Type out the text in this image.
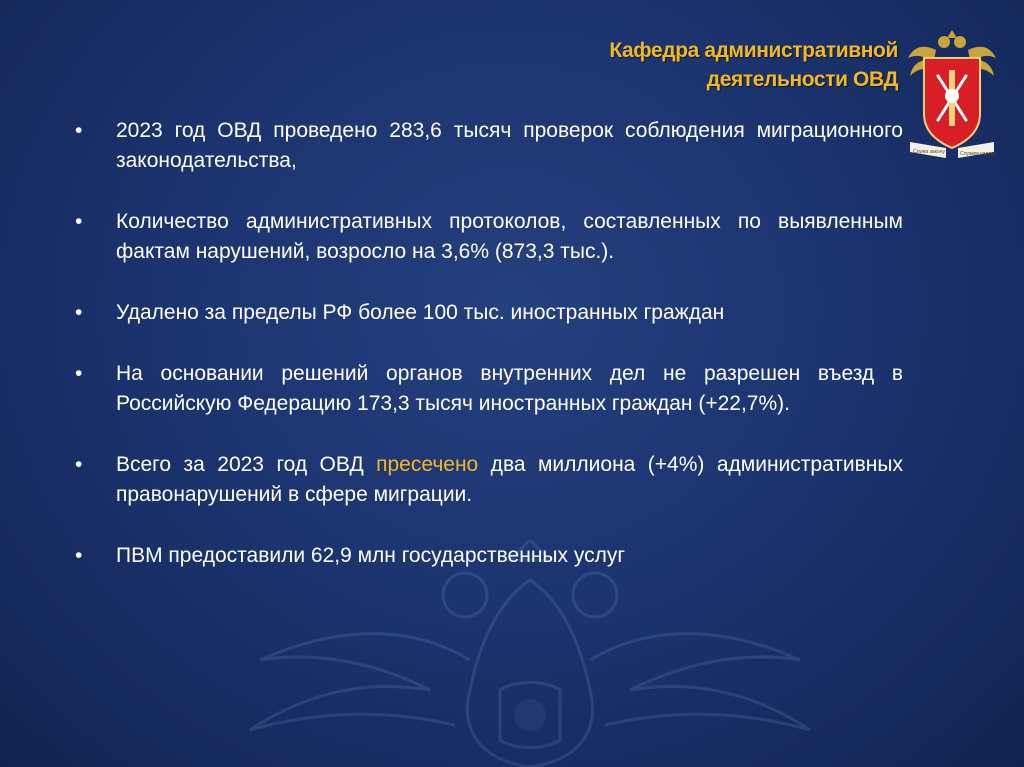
Кафедра административной
деятельности ОВД
Служа закону	Служим народу
• 2023 год ОВД проведено 283,6 тысяч проверок соблюдения миграционного законодательства,
• Количество административных протоколов, составленных по выявленным фактам нарушений, возросло на 3,6% (873,3 тыс.).
• Удалено за пределы РФ более 100 тыс. иностранных граждан
• На основании решений органов внутренних дел не разрешен въезд в Российскую Федерацию 173,3 тысяч иностранных граждан (+22,7%).
• Всего за 2023 год ОВД пресечено два миллиона (+4%) административных правонарушений в сфере миграции.
• ПВМ предоставили 62,9 млн государственных услуг
